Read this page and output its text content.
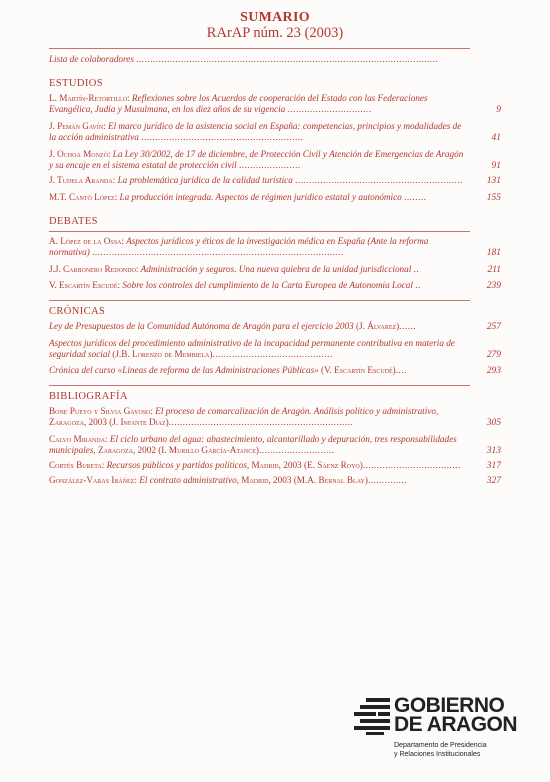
SUMARIO
RArAP núm. 23 (2003)
Lista de colaboradores ............................................................................................................
ESTUDIOS
L. Martín-Retortillo: Reflexiones sobre los Acuerdos de cooperación del Estado con las Federaciones Evangélica, Judía y Musulmana, en los diez años de su vigencia ..............................	9
J. Pemán Gavín: El marco jurídico de la asistencia social en España: competencias, principios y modalidades de la acción administrativa ..........................................................	41
J. Ochoa Monzó: La Ley 30/2002, de 17 de diciembre, de Protección Civil y Atención de Emergencias de Aragón y su encaje en el sistema estatal de protección civil ......................	91
J. Tudela Aranda: La problemática jurídica de la calidad turística ............................................................	131
M.T. Cantó López: La producción integrada. Aspectos de régimen jurídico estatal y autonómico ........	155
DEBATES
A. López de la Ossa: Aspectos jurídicos y éticos de la investigación médica en España (Ante la reforma normativa) ..........................................................................................	181
J.J. Carbonero Redondo: Administración y seguros. Una nueva quiebra de la unidad jurisdiccional ..	211
V. Escartín Escudé: Sobre los controles del cumplimiento de la Carta Europea de Autonomía Local ..	239
CRÓNICAS
Ley de Presupuestos de la Comunidad Autónoma de Aragón para el ejercicio 2003 (J. Álvarez)......	257
Aspectos jurídicos del procedimiento administrativo de la incapacidad permanente contributiva en materia de seguridad social (J.B. Lorenzo de Membiela)...........................................	279
Crónica del curso «Líneas de reforma de las Administraciones Públicas» (V. Escartín Escudé)....	293
BIBLIOGRAFÍA
Bone Pueyo y Silvia Gayoso: El proceso de comarcalización de Aragón. Análisis político y administrativo, Zaragoza, 2003 (J. Infante Díaz)..................................................................	305
Calvo Miranda: El ciclo urbano del agua: abastecimiento, alcantarillado y depuración, tres responsabilidades municipales, Zaragoza, 2002 (I. Murillo García-Atance)...........................	313
Cortés Bureta: Recursos públicos y partidos políticos, Madrid, 2003 (E. Sáenz Royo)...................................	317
González-Varas Ibáñez: El contrato administrativo, Madrid, 2003 (M.A. Bernal Blay)..............	327
GOBIERNO
DE ARAGON
Departamento de Presidencia
y Relaciones Institucionales
